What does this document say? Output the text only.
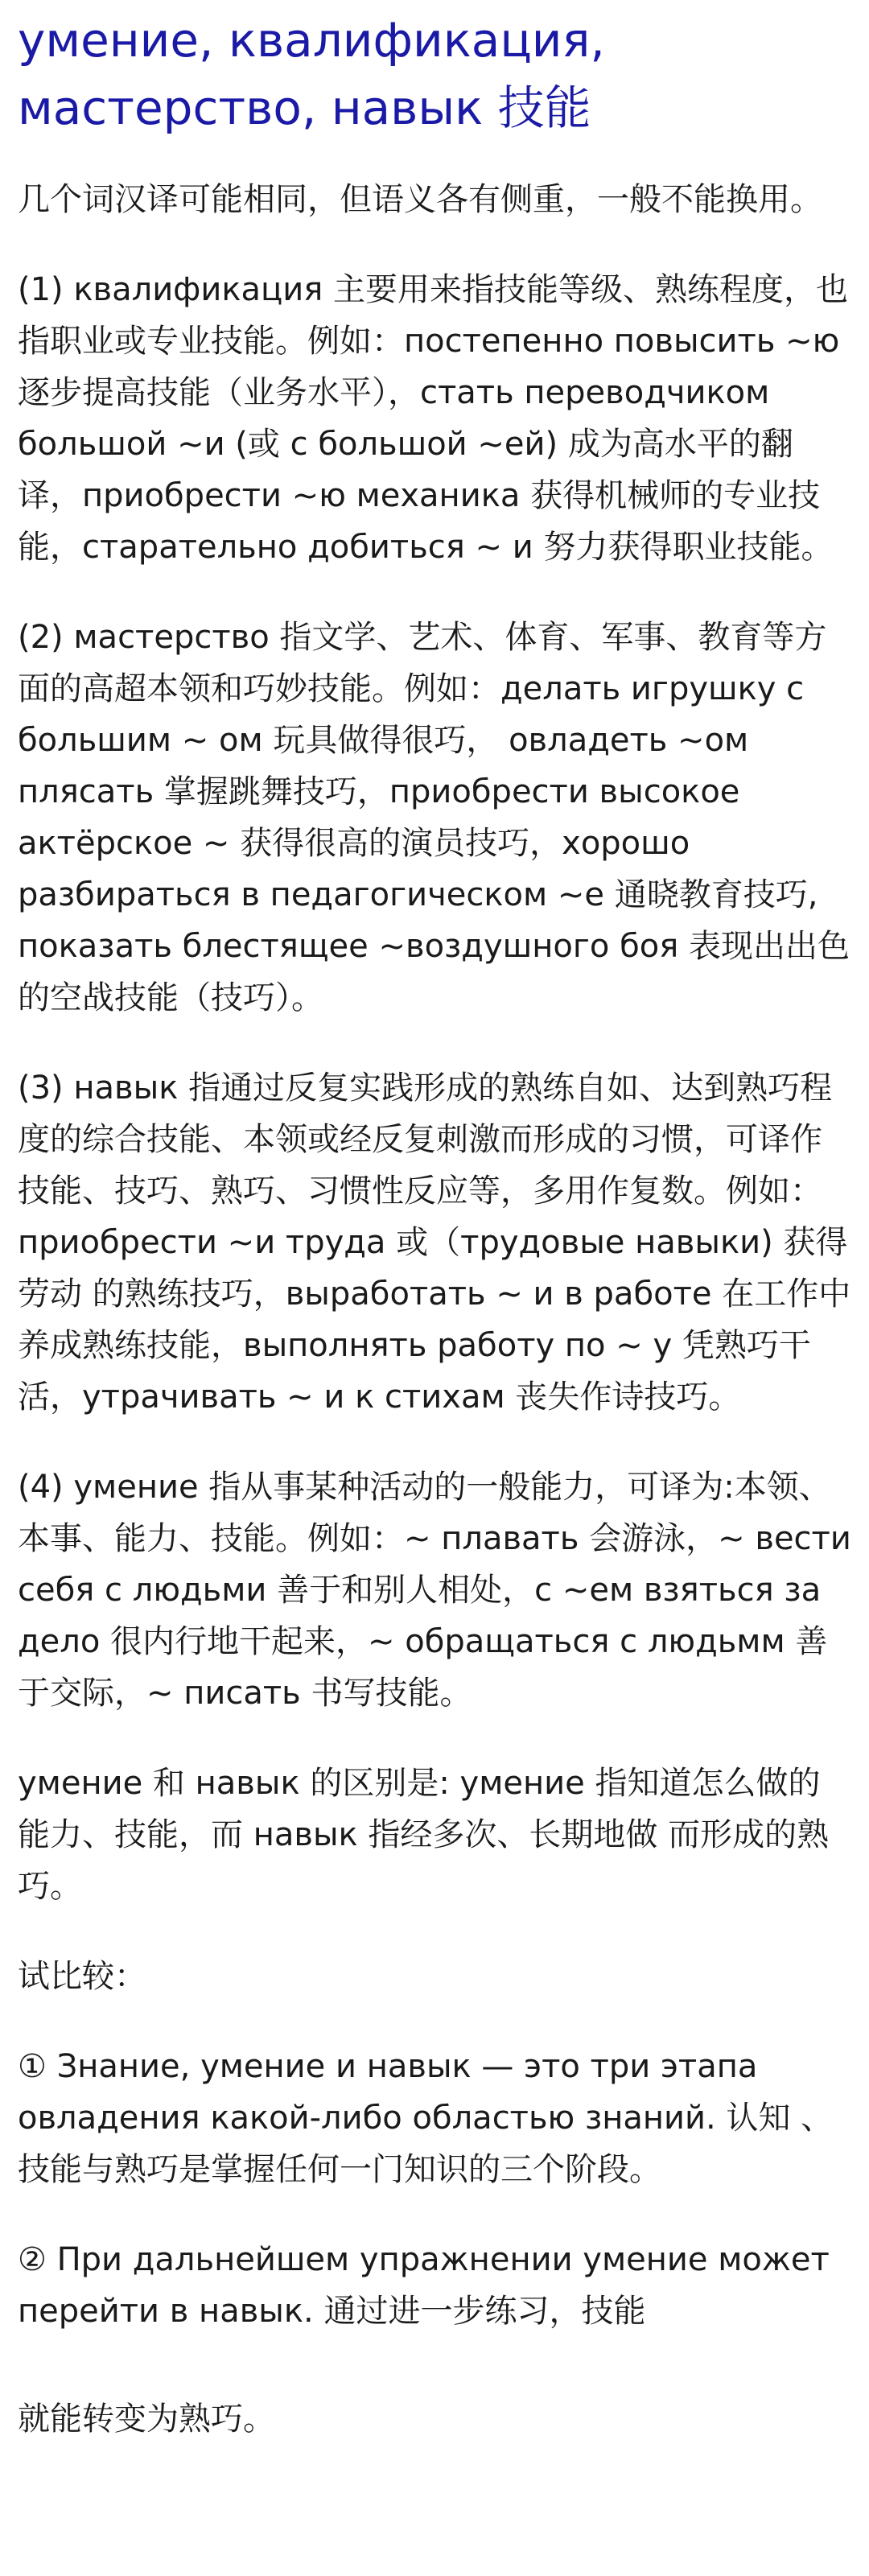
умение, квалификация, мастерство, навык 技能

几个词汉译可能相同，但语义各有侧重，一般不能换用。

(1) квалификация 主要用来指技能等级、熟练程度，也指职业或专业技能。例如：постепенно повысить ~ю 逐步提高技能（业务水平），стать переводчиком большой ~и (或 с большой ~ей) 成为高水平的翻译，приобрести ~ю механика 获得机械师的专业技能，старательно добиться ~ и 努力获得职业技能。

(2) мастерство 指文学、艺术、体育、军事、教育等方面的高超本领和巧妙技能。例如：делать игрушку с большим ~ ом 玩具做得很巧， овладеть ~ом плясать 掌握跳舞技巧，приобрести высокое актёрское ~ 获得很高的演员技巧，хорошо разбираться в педагогическом ~е 通晓教育技巧, показать блестящее ~воздушного боя 表现出出色的空战技能（技巧）。

(3) навык 指通过反复实践形成的熟练自如、达到熟巧程度的综合技能、本领或经反复刺激而形成的习惯，可译作技能、技巧、熟巧、习惯性反应等，多用作复数。例如：приобрести ~и труда 或（трудовые навыки) 获得劳动 的熟练技巧，выработать ~ и в работе 在工作中养成熟练技能，выполнять работу по ~ у 凭熟巧干活，утрачивать ~ и к стихам 丧失作诗技巧。

(4) умение 指从事某种活动的一般能力，可译为:本领、本事、能力、技能。例如：~ плавать 会游泳，~ вести себя с людьми 善于和别人相处，с ~ем взяться за дело 很内行地干起来，~ обращаться с людьмм 善于交际，~ писать 书写技能。

умение 和 навык 的区别是: умение 指知道怎么做的能力、技能，而 навык 指经多次、长期地做 而形成的熟巧。

试比较：

① Знание, умение и навык — это три этапа овладения какой-либо областью знаний. 认知 、技能与熟巧是掌握任何一门知识的三个阶段。

② При дальнейшем упражнении умение может перейти в навык. 通过进一步练习，技能

就能转变为熟巧。
